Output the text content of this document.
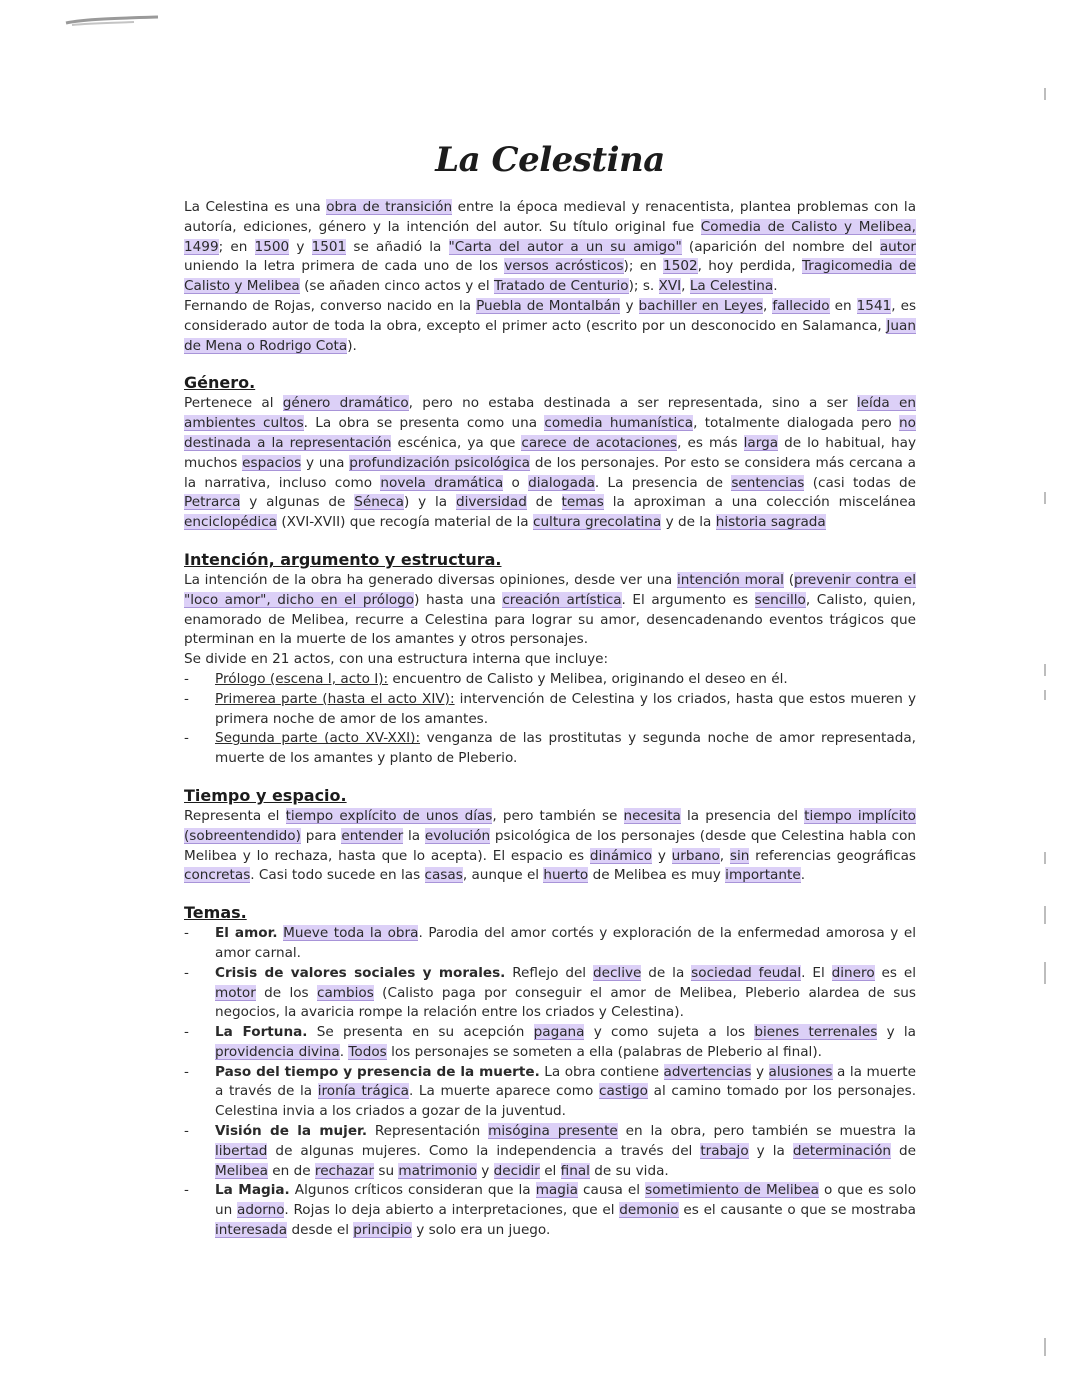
La Celestina

La Celestina es una obra de transición entre la época medieval y renacentista, plantea problemas con la autoría, ediciones, género y la intención del autor. Su título original fue Comedia de Calisto y Melibea, 1499; en 1500 y 1501 se añadió la "Carta del autor a un su amigo" (aparición del nombre del autor uniendo la letra primera de cada uno de los versos acrósticos); en 1502, hoy perdida, Tragicomedia de Calisto y Melibea (se añaden cinco actos y el Tratado de Centurio); s. XVI, La Celestina.

Fernando de Rojas, converso nacido en la Puebla de Montalbán y bachiller en Leyes, fallecido en 1541, es considerado autor de toda la obra, excepto el primer acto (escrito por un desconocido en Salamanca, Juan de Mena o Rodrigo Cota).

Género.

Pertenece al género dramático, pero no estaba destinada a ser representada, sino a ser leída en ambientes cultos. La obra se presenta como una comedia humanística, totalmente dialogada pero no destinada a la representación escénica, ya que carece de acotaciones, es más larga de lo habitual, hay muchos espacios y una profundización psicológica de los personajes. Por esto se considera más cercana a la narrativa, incluso como novela dramática o dialogada. La presencia de sentencias (casi todas de Petrarca y algunas de Séneca) y la diversidad de temas la aproximan a una colección miscelánea enciclopédica (XVI-XVII) que recogía material de la cultura grecolatina y de la historia sagrada

Intención, argumento y estructura.

La intención de la obra ha generado diversas opiniones, desde ver una intención moral (prevenir contra el "loco amor", dicho en el prólogo) hasta una creación artística. El argumento es sencillo, Calisto, quien, enamorado de Melibea, recurre a Celestina para lograr su amor, desencadenando eventos trágicos que pterminan en la muerte de los amantes y otros personajes.

Se divide en 21 actos, con una estructura interna que incluye:

- Prólogo (escena I, acto I): encuentro de Calisto y Melibea, originando el deseo en él.
- Primerea parte (hasta el acto XIV): intervención de Celestina y los criados, hasta que estos mueren y primera noche de amor de los amantes.
- Segunda parte (acto XV-XXI): venganza de las prostitutas y segunda noche de amor representada, muerte de los amantes y planto de Pleberio.
Tiempo y espacio.

Representa el tiempo explícito de unos días, pero también se necesita la presencia del tiempo implícito (sobreentendido) para entender la evolución psicológica de los personajes (desde que Celestina habla con Melibea y lo rechaza, hasta que lo acepta). El espacio es dinámico y urbano, sin referencias geográficas concretas. Casi todo sucede en las casas, aunque el huerto de Melibea es muy importante.

Temas.
- El amor. Mueve toda la obra. Parodia del amor cortés y exploración de la enfermedad amorosa y el amor carnal.
- Crisis de valores sociales y morales. Reflejo del declive de la sociedad feudal. El dinero es el motor de los cambios (Calisto paga por conseguir el amor de Melibea, Pleberio alardea de sus negocios, la avaricia rompe la relación entre los criados y Celestina).
- La Fortuna. Se presenta en su acepción pagana y como sujeta a los bienes terrenales y la providencia divina. Todos los personajes se someten a ella (palabras de Pleberio al final).
- Paso del tiempo y presencia de la muerte. La obra contiene advertencias y alusiones a la muerte a través de la ironía trágica. La muerte aparece como castigo al camino tomado por los personajes. Celestina invia a los criados a gozar de la juventud.
- Visión de la mujer. Representación misógina presente en la obra, pero también se muestra la libertad de algunas mujeres. Como la independencia a través del trabajo y la determinación de Melibea en de rechazar su matrimonio y decidir el final de su vida.
- La Magia. Algunos críticos consideran que la magia causa el sometimiento de Melibea o que es solo un adorno. Rojas lo deja abierto a interpretaciones, que el demonio es el causante o que se mostraba interesada desde el principio y solo era un juego.
